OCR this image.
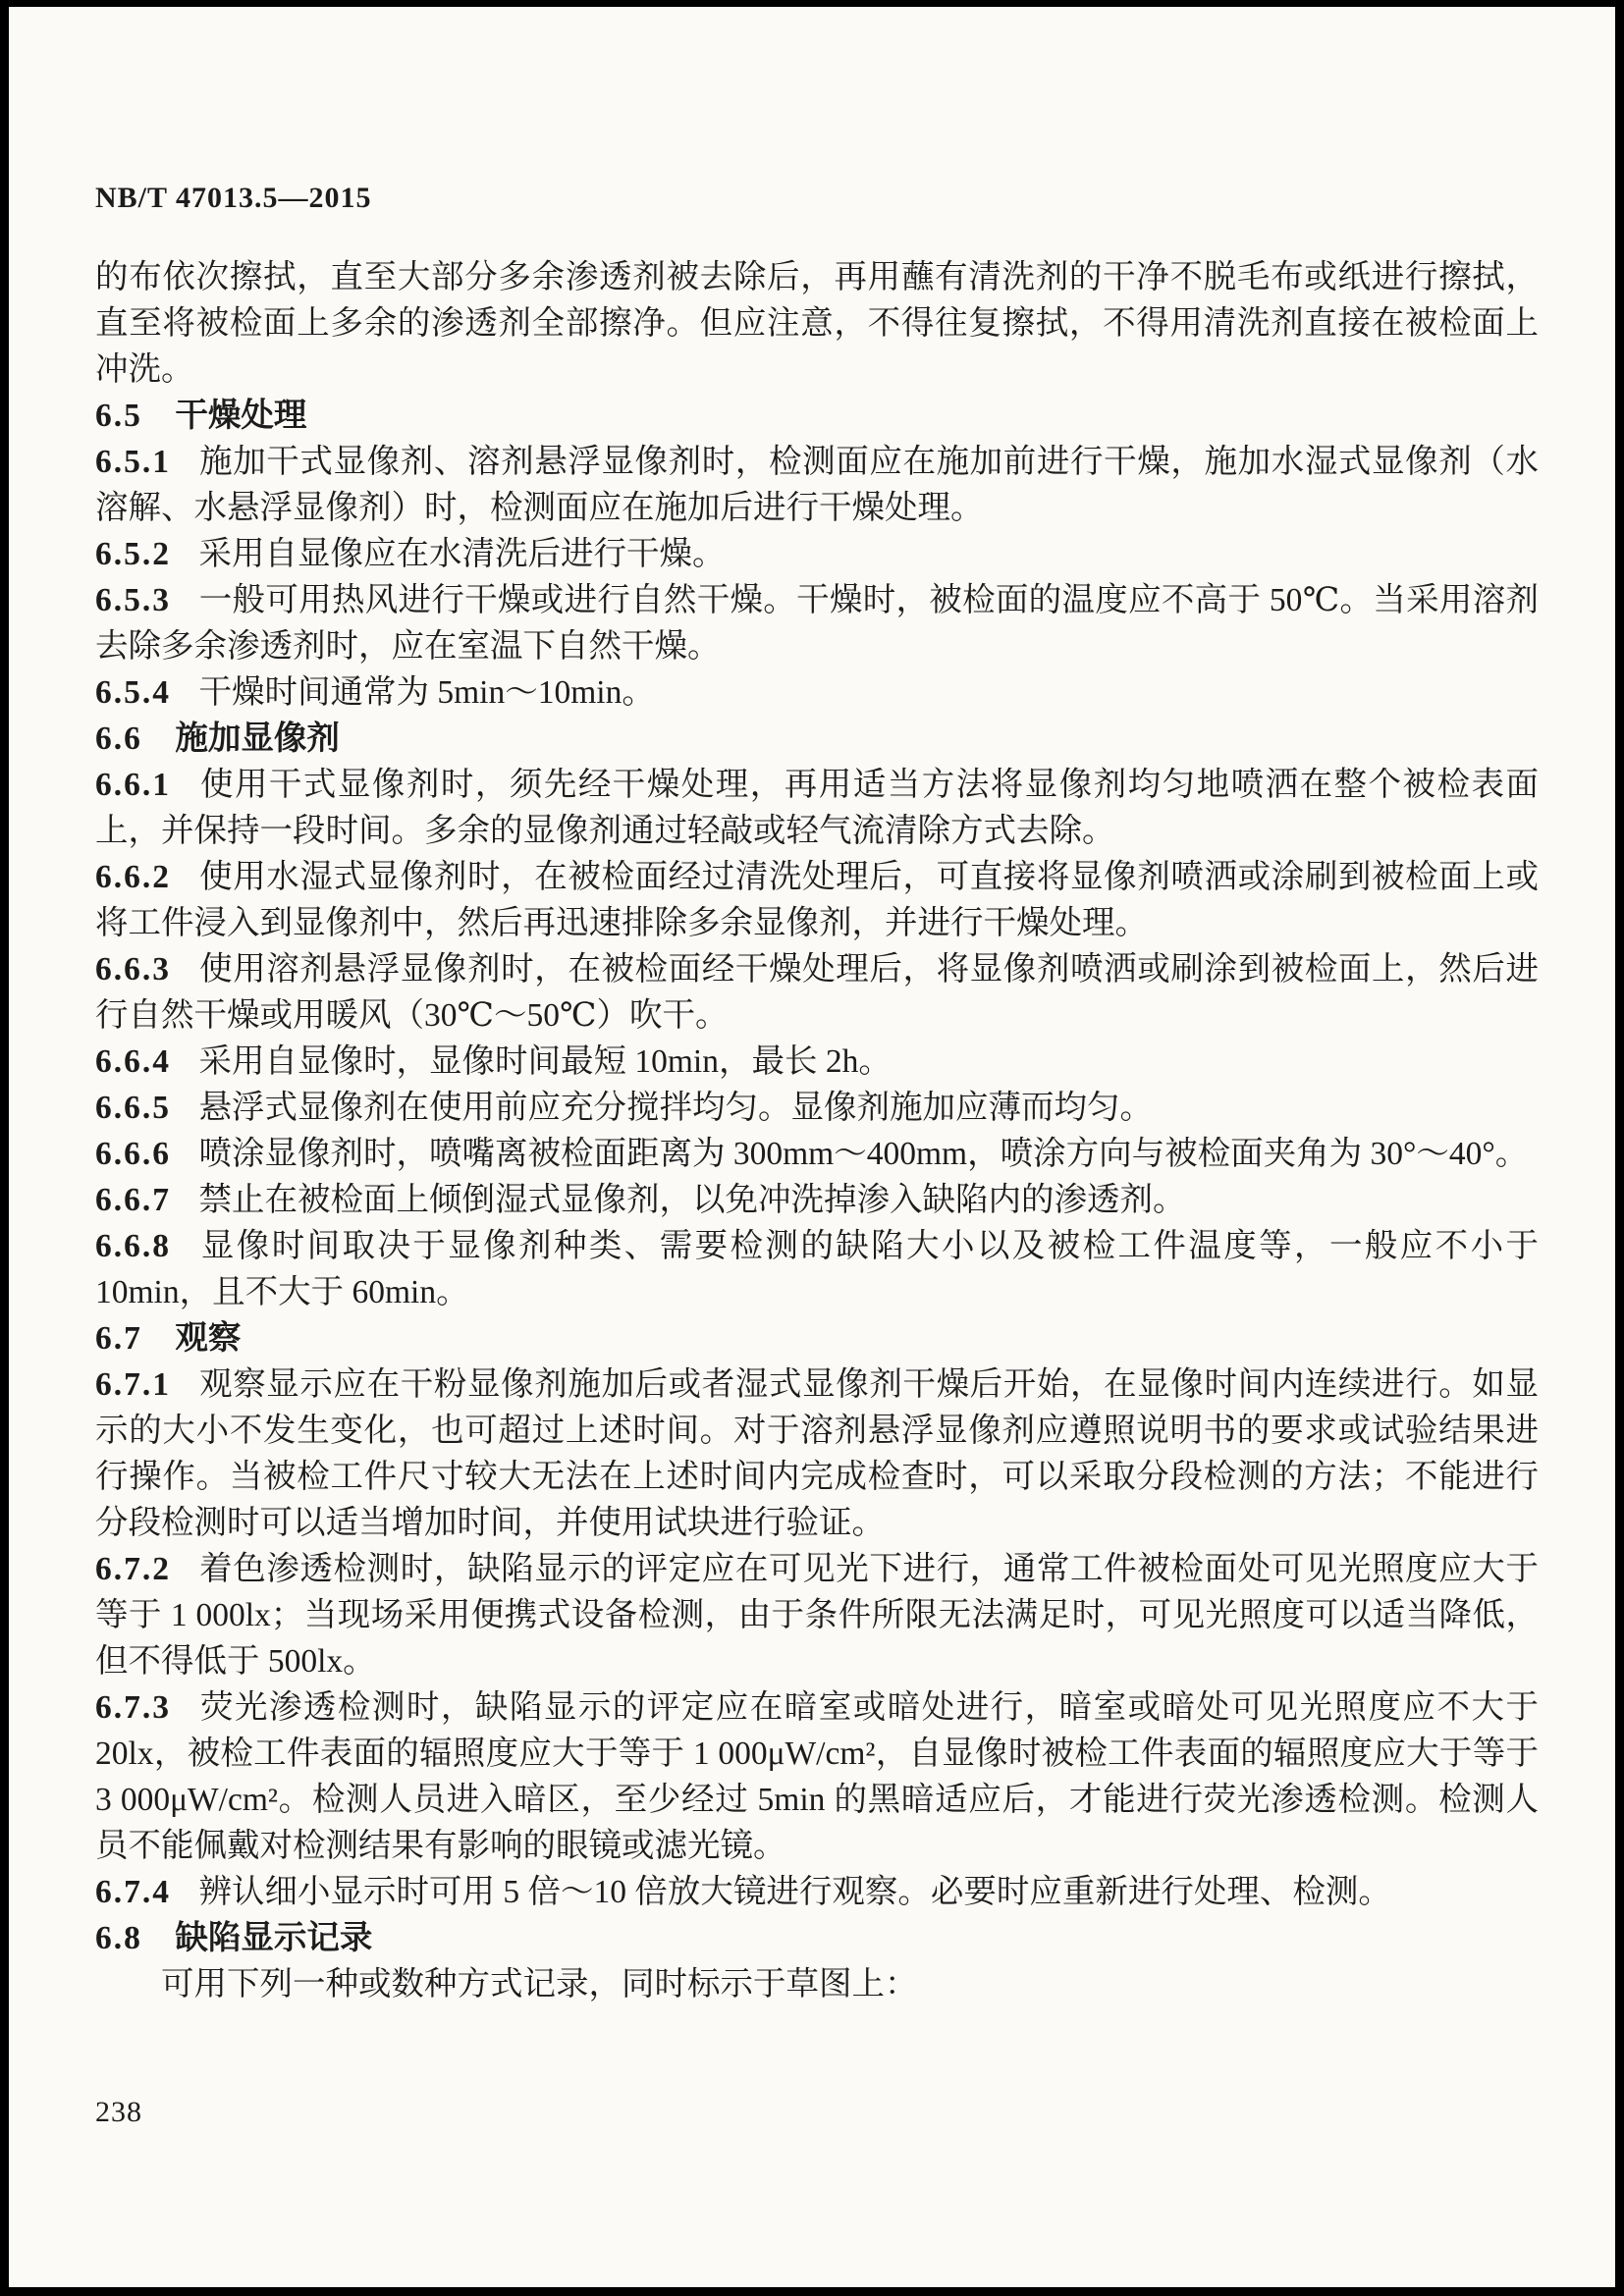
NB/T 47013.5—2015

的布依次擦拭，直至大部分多余渗透剂被去除后，再用蘸有清洗剂的干净不脱毛布或纸进行擦拭，直至将被检面上多余的渗透剂全部擦净。但应注意，不得往复擦拭，不得用清洗剂直接在被检面上冲洗。

6.5 干燥处理

6.5.1 施加干式显像剂、溶剂悬浮显像剂时，检测面应在施加前进行干燥，施加水湿式显像剂（水溶解、水悬浮显像剂）时，检测面应在施加后进行干燥处理。

6.5.2 采用自显像应在水清洗后进行干燥。

6.5.3 一般可用热风进行干燥或进行自然干燥。干燥时，被检面的温度应不高于 50℃。当采用溶剂去除多余渗透剂时，应在室温下自然干燥。

6.5.4 干燥时间通常为 5min～10min。

6.6 施加显像剂

6.6.1 使用干式显像剂时，须先经干燥处理，再用适当方法将显像剂均匀地喷洒在整个被检表面上，并保持一段时间。多余的显像剂通过轻敲或轻气流清除方式去除。

6.6.2 使用水湿式显像剂时，在被检面经过清洗处理后，可直接将显像剂喷洒或涂刷到被检面上或将工件浸入到显像剂中，然后再迅速排除多余显像剂，并进行干燥处理。

6.6.3 使用溶剂悬浮显像剂时，在被检面经干燥处理后，将显像剂喷洒或刷涂到被检面上，然后进行自然干燥或用暖风（30℃～50℃）吹干。

6.6.4 采用自显像时，显像时间最短 10min，最长 2h。

6.6.5 悬浮式显像剂在使用前应充分搅拌均匀。显像剂施加应薄而均匀。

6.6.6 喷涂显像剂时，喷嘴离被检面距离为 300mm～400mm，喷涂方向与被检面夹角为 30°～40°。

6.6.7 禁止在被检面上倾倒湿式显像剂，以免冲洗掉渗入缺陷内的渗透剂。

6.6.8 显像时间取决于显像剂种类、需要检测的缺陷大小以及被检工件温度等，一般应不小于 10min，且不大于 60min。

6.7 观察

6.7.1 观察显示应在干粉显像剂施加后或者湿式显像剂干燥后开始，在显像时间内连续进行。如显示的大小不发生变化，也可超过上述时间。对于溶剂悬浮显像剂应遵照说明书的要求或试验结果进行操作。当被检工件尺寸较大无法在上述时间内完成检查时，可以采取分段检测的方法；不能进行分段检测时可以适当增加时间，并使用试块进行验证。

6.7.2 着色渗透检测时，缺陷显示的评定应在可见光下进行，通常工件被检面处可见光照度应大于等于 1 000lx；当现场采用便携式设备检测，由于条件所限无法满足时，可见光照度可以适当降低，但不得低于 500lx。

6.7.3 荧光渗透检测时，缺陷显示的评定应在暗室或暗处进行，暗室或暗处可见光照度应不大于 20lx，被检工件表面的辐照度应大于等于 1 000μW/cm²，自显像时被检工件表面的辐照度应大于等于 3 000μW/cm²。检测人员进入暗区，至少经过 5min 的黑暗适应后，才能进行荧光渗透检测。检测人员不能佩戴对检测结果有影响的眼镜或滤光镜。

6.7.4 辨认细小显示时可用 5 倍～10 倍放大镜进行观察。必要时应重新进行处理、检测。

6.8 缺陷显示记录

可用下列一种或数种方式记录，同时标示于草图上：

238
